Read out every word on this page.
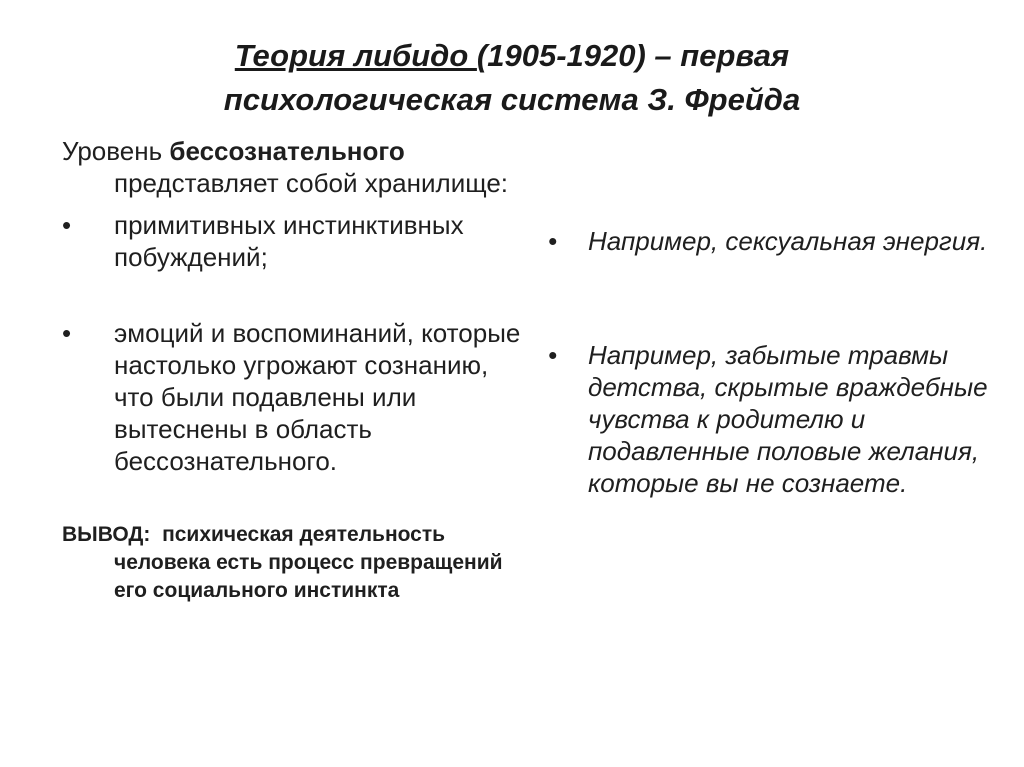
Теория либидо (1905-1920) – первая
психологическая система З. Фрейда

Уровень бессознательного представляет собой хранилище:

• примитивных инстинктивных побуждений;

• эмоций и воспоминаний, которые настолько угрожают сознанию, что были подавлены или вытеснены в область бессознательного.

ВЫВОД: психическая деятельность человека есть процесс превращений его социального инстинкта

• Например, сексуальная энергия.

• Например, забытые травмы детства, скрытые враждебные чувства к родителю и подавленные половые желания, которые вы не сознаете.
